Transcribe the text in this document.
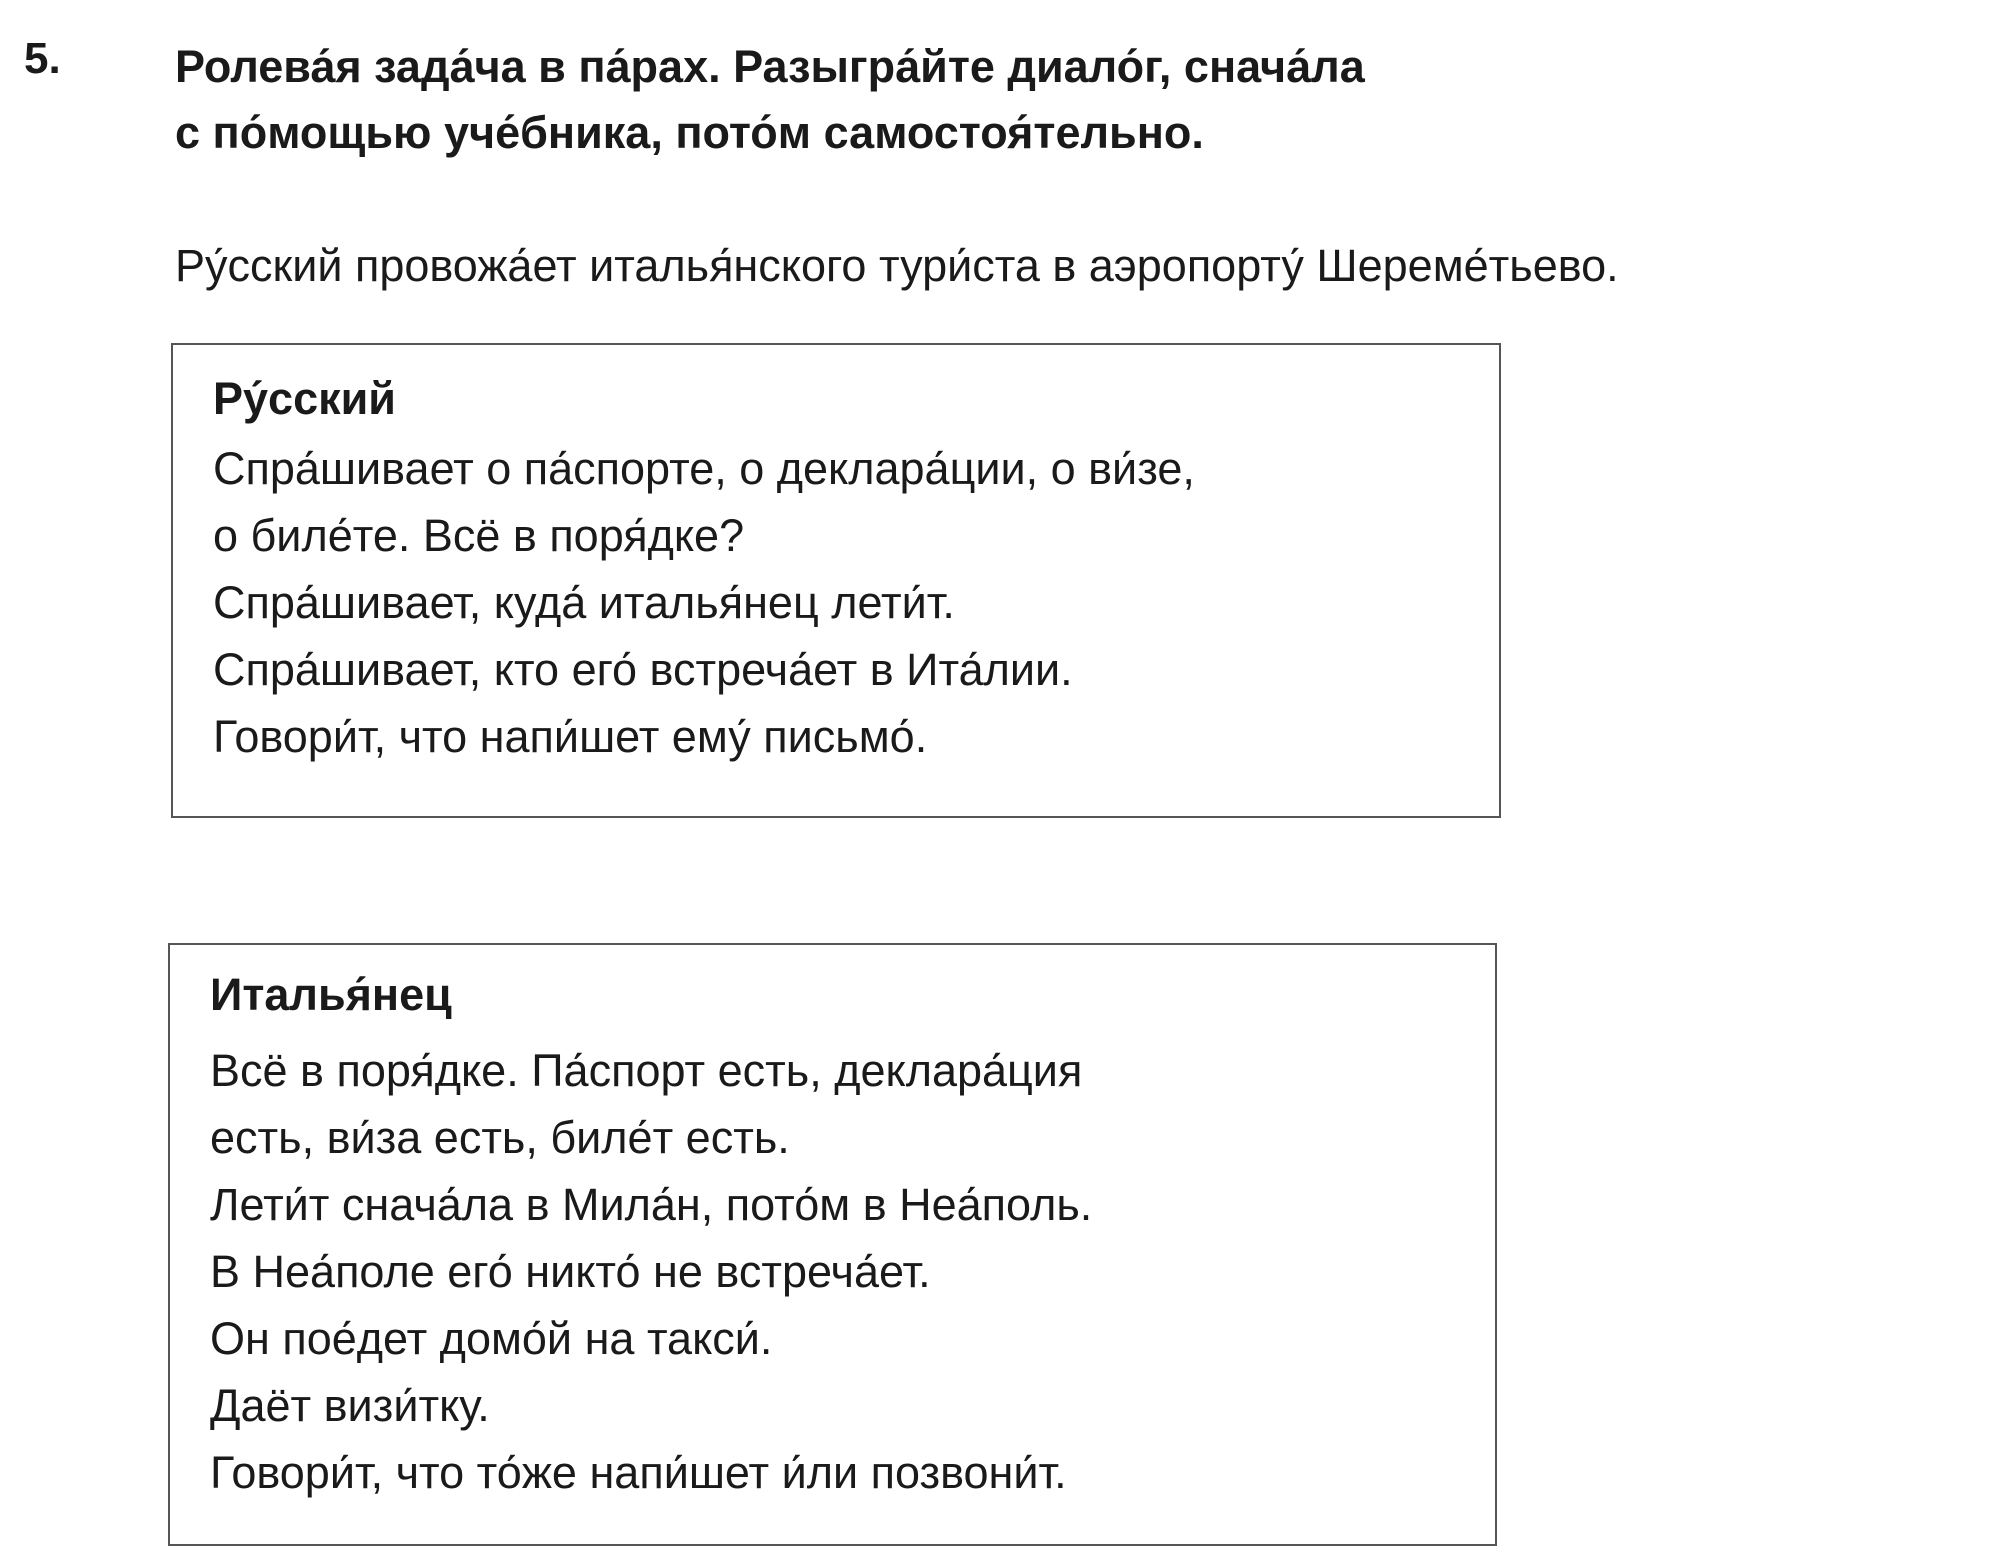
5.	Ролева́я зада́ча в па́рах. Разыгра́йте диало́г, снача́ла
с по́мощью уче́бника, пото́м самостоя́тельно.
Ру́сский провожа́ет италья́нского тури́ста в аэропорту́ Шереме́тьево.
Ру́сский
Спра́шивает о па́спорте, о деклара́ции, о ви́зе,
о биле́те. Всё в поря́дке?
Спра́шивает, куда́ италья́нец лети́т.
Спра́шивает, кто его́ встреча́ет в Ита́лии.
Говори́т, что напи́шет ему́ письмо́.
Италья́нец
Всё в поря́дке. Па́спорт есть, деклара́ция
есть, ви́за есть, биле́т есть.
Лети́т снача́ла в Мила́н, пото́м в Неа́поль.
В Неа́поле его́ никто́ не встреча́ет.
Он пое́дет домо́й на такси́.
Даёт визи́тку.
Говори́т, что то́же напи́шет и́ли позвони́т.
